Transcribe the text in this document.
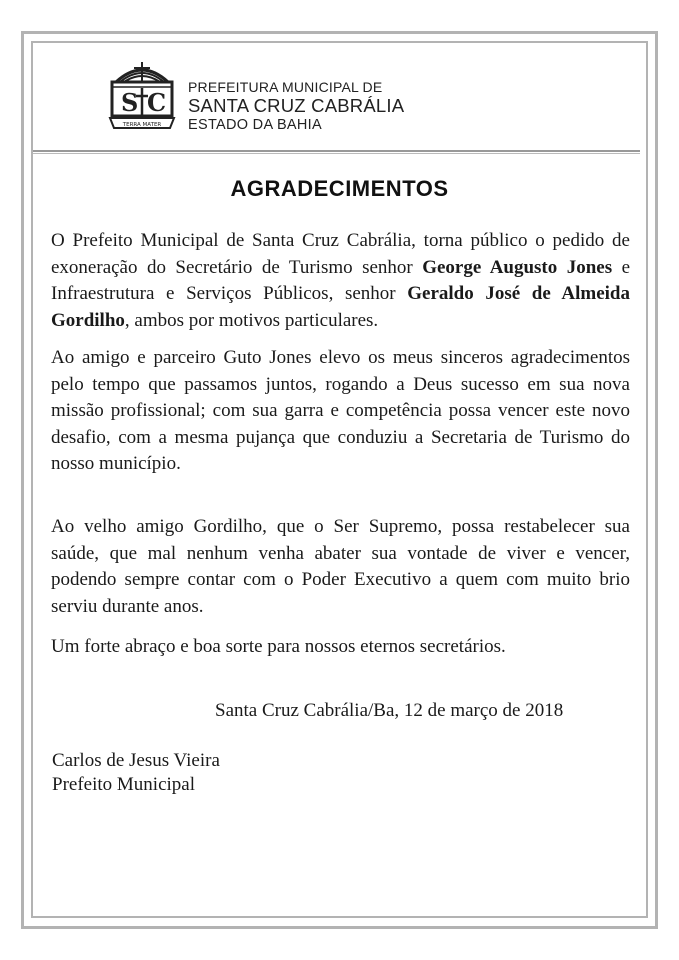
S C
TERRA MATER
PREFEITURA MUNICIPAL DE
SANTA CRUZ CABRÁLIA
ESTADO DA BAHIA
AGRADECIMENTOS

O Prefeito Municipal de Santa Cruz Cabrália, torna público o pedido de exoneração do Secretário de Turismo senhor George Augusto Jones e Infraestrutura e Serviços Públicos, senhor Geraldo José de Almeida Gordilho, ambos por motivos particulares.

Ao amigo e parceiro Guto Jones elevo os meus sinceros agradecimentos pelo tempo que passamos juntos, rogando a Deus sucesso em sua nova missão profissional; com sua garra e competência possa vencer este novo desafio, com a mesma pujança que conduziu a Secretaria de Turismo do nosso município.

Ao velho amigo Gordilho, que o Ser Supremo, possa restabelecer sua saúde, que mal nenhum venha abater sua vontade de viver e vencer, podendo sempre contar com o Poder Executivo a quem com muito brio serviu durante anos.

Um forte abraço e boa sorte para nossos eternos secretários.

Santa Cruz Cabrália/Ba, 12 de março de 2018
Carlos de Jesus Vieira
Prefeito Municipal
